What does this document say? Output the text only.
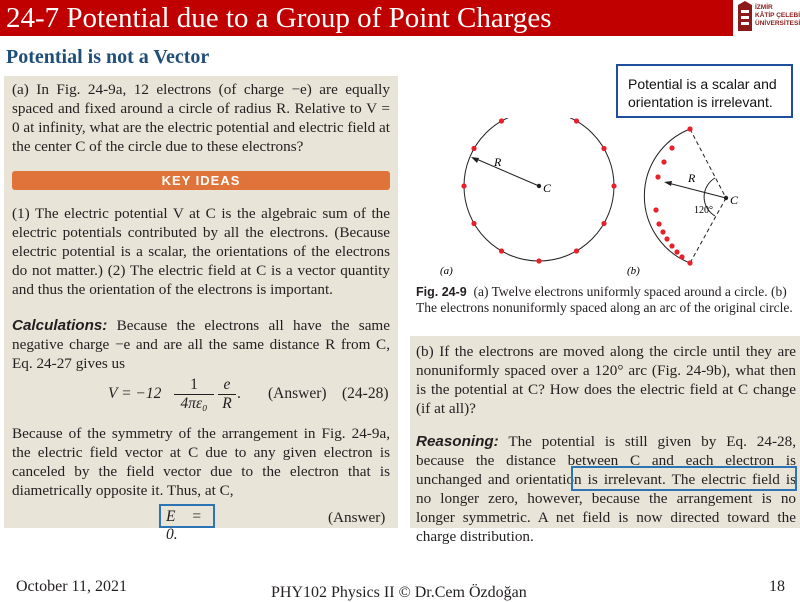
24-7 Potential due to a Group of Point Charges	İZMİR
KÂTİP ÇELEBİ
ÜNİVERSİTESİ
Potential is not a Vector
Potential is a scalar and orientation is irrelevant.
(a) In Fig. 24-9a, 12 electrons (of charge −e) are equally spaced and fixed around a circle of radius R. Relative to V = 0 at infinity, what are the electric potential and electric field at the center C of the circle due to these electrons?
KEY IDEAS
(1) The electric potential V at C is the algebraic sum of the electric potentials contributed by all the electrons. (Because electric potential is a scalar, the orientations of the electrons do not matter.) (2) The electric field at C is a vector quantity and thus the orientation of the electrons is important.
Calculations: Because the electrons all have the same negative charge −e and are all the same distance R from C, Eq. 24-27 gives us
V = −12
1
4πε₀
e
R
. (Answer) (24-28)
Because of the symmetry of the arrangement in Fig. 24-9a, the electric field vector at C due to any given electron is canceled by the field vector due to the electron that is diametrically opposite it. Thus, at C,
E⃗ = 0.
(Answer)
R
C
(a)
R
C
120°
(b)
Fig. 24-9 (a) Twelve electrons uniformly spaced around a circle. (b) The electrons nonuniformly spaced along an arc of the original circle.
(b) If the electrons are moved along the circle until they are nonuniformly spaced over a 120° arc (Fig. 24-9b), what then is the potential at C? How does the electric field at C change (if at all)?
Reasoning: The potential is still given by Eq. 24-28, because the distance between C and each electron is unchanged and orientation is irrelevant. The electric field is no longer zero, however, because the arrangement is no longer symmetric. A net field is now directed toward the charge distribution.
October 11, 2021	PHY102 Physics II © Dr.Cem Özdoğan	18
